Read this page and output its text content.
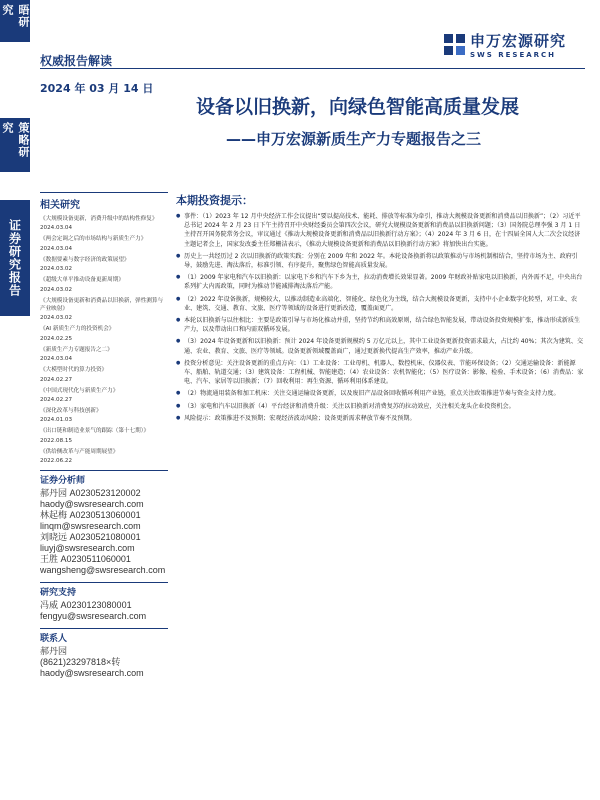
晤研究
策略研究
证券研究报告
申万宏源研究
SWS RESEARCH
权威报告解读
2024 年 03 月 14 日
设备以旧换新，向绿色智能高质量发展
——申万宏源新质生产力专题报告之三
相关研究
《大规模设备更新，消费升级中的结构性修复》
2024.03.04
《两会定调之后的市场结构与新质生产力》
2024.03.04
《数据要素与数字经济的政策展望》
2024.03.02
《超级大单平推动设备更新周期》
2024.03.02
《大规模设备更新和消费品以旧换新，弹性测算与产业映射》
2024.03.02
《AI 新质生产力的投资机会》
2024.02.25
《新质生产力专题报告之二》
2024.03.04
《大模型时代的算力投资》
2024.02.27
《中国式现代化与新质生产力》
2024.02.27
《深化改革与科技创新》
2024.01.03
《出口链和制造业景气的跟踪（第十七期）》
2022.08.15
《供给侧改革与产能周期展望》
2022.06.22
证券分析师
郝丹园 A0230523120002
haody@swsresearch.com
林起梅 A0230513060001
linqm@swsresearch.com
刘晓远 A0230521080001
liuyj@swsresearch.com
王胜 A0230511060001
wangsheng@swsresearch.com
研究支持
冯威 A0230123080001
fengyu@swsresearch.com
联系人
郝丹园
(8621)23297818×转
haody@swsresearch.com
本期投资提示：
● 事件：（1）2023 年 12 月中央经济工作会议提出“要以提高技术、能耗、排放等标准为牵引，推动大规模设备更新和消费品以旧换新”；（2）习近平总书记 2024 年 2 月 23 日下午主持召开中央财经委员会第四次会议，研究大规模设备更新和消费品以旧换新问题；（3）国务院总理李强 3 月 1 日主持召开国务院常务会议，审议通过《推动大规模设备更新和消费品以旧换新行动方案》；（4）2024 年 3 月 6 日，在十四届全国人大二次会议经济主题记者会上，国家发改委主任郑栅洁表示，《推动大规模设备更新和消费品以旧换新行动方案》将加快出台实施。
● 历史上一共经历过 2 次以旧换新的政策实践：分别在 2009 年和 2022 年。本轮设备换新将以政策推动与市场机制相结合，坚持市场为主、政府引导，鼓励先进、淘汰落后，标准引领、有序提升，聚焦绿色智能高质量发展。
● （1）2009 年家电和汽车以旧换新：以家电下乡和汽车下乡为主，拉动消费增长效果显著。2009 年财政补贴家电以旧换新，内外需不足，中央出台系列扩大内需政策，同时为推动节能减排淘汰落后产能。
● （2）2022 年设备换新，规模较大，以推动制造业高端化、智能化、绿色化为主线，结合大规模设备更新，支持中小企业数字化转型，对工业、农业、建筑、交通、教育、文旅、医疗等领域的设备进行更新改造，覆盖面更广。
● 本轮以旧换新与以往相比：主要是政策引导与市场化推动并重，坚持节约和高效原则，结合绿色智能发展，带动设备投资规模扩张，推动形成新质生产力，以及带动出口和内需双循环发展。
● （3）2024 年设备更新和以旧换新：预计 2024 年设备更新规模约 5 万亿元以上，其中工业设备更新投资需求最大，占比约 40%；其次为建筑、交通、农业、教育、文旅、医疗等领域。设备更新领域覆盖面广，通过更新换代提高生产效率，推动产业升级。
● 投资分析意见：关注设备更新的重点方向：（1）工业设备：工业母机、机器人、数控机床、仪器仪表、节能环保设备；（2）交通运输设备：新能源车、船舶、轨道交通；（3）建筑设备：工程机械、智能建造；（4）农业设备：农机智能化；（5）医疗设备：影像、检验、手术设备；（6）消费品：家电、汽车、家居等以旧换新；（7）回收利用：再生资源、循环利用体系建设。
● （2）物流通用装备和加工机床：关注交通运输设备更新，以及废旧产品设备回收循环利用产业链，重点关注政策推进节奏与资金支持力度。
● （3）家电和汽车以旧换新（4）平台经济和消费升级：关注以旧换新对消费复苏的拉动效应，关注相关龙头企业投资机会。
● 风险提示：政策推进不及预期；宏观经济波动风险；设备更新需求释放节奏不及预期。
